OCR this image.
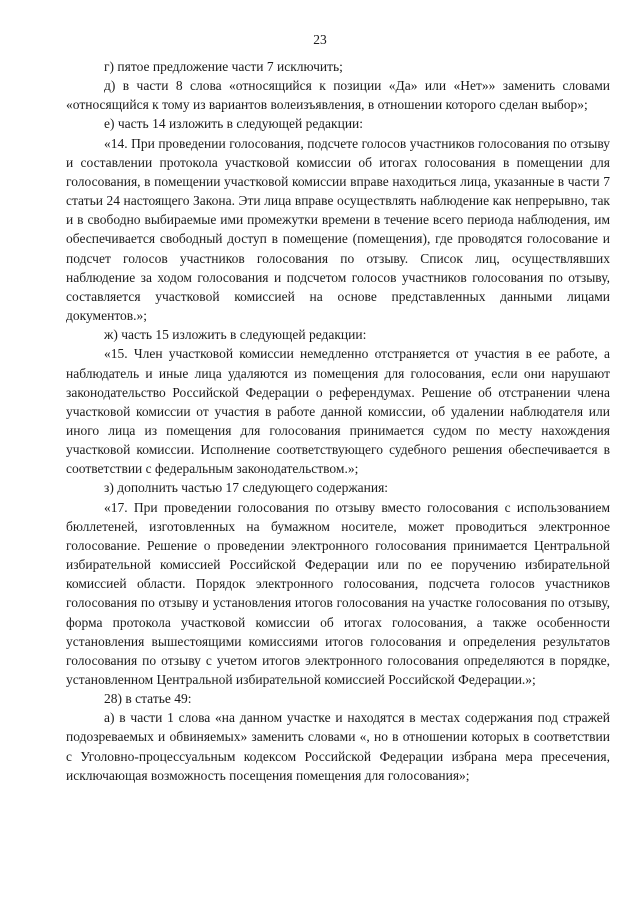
23

г) пятое предложение части 7 исключить;

д) в части 8 слова «относящийся к позиции «Да» или «Нет»» заменить словами «относящийся к тому из вариантов волеизъявления, в отношении которого сделан выбор»;

е) часть 14 изложить в следующей редакции:

«14. При проведении голосования, подсчете голосов участников голосования по отзыву и составлении протокола участковой комиссии об итогах голосования в помещении для голосования, в помещении участковой комиссии вправе находиться лица, указанные в части 7 статьи 24 настоящего Закона. Эти лица вправе осуществлять наблюдение как непрерывно, так и в свободно выбираемые ими промежутки времени в течение всего периода наблюдения, им обеспечивается свободный доступ в помещение (помещения), где проводятся голосование и подсчет голосов участников голосования по отзыву. Список лиц, осуществлявших наблюдение за ходом голосования и подсчетом голосов участников голосования по отзыву, составляется участковой комиссией на основе представленных данными лицами документов.»;

ж) часть 15 изложить в следующей редакции:

«15. Член участковой комиссии немедленно отстраняется от участия в ее работе, а наблюдатель и иные лица удаляются из помещения для голосования, если они нарушают законодательство Российской Федерации о референдумах. Решение об отстранении члена участковой комиссии от участия в работе данной комиссии, об удалении наблюдателя или иного лица из помещения для голосования принимается судом по месту нахождения участковой комиссии. Исполнение соответствующего судебного решения обеспечивается в соответствии с федеральным законодательством.»;

з) дополнить частью 17 следующего содержания:

«17. При проведении голосования по отзыву вместо голосования с использованием бюллетеней, изготовленных на бумажном носителе, может проводиться электронное голосование. Решение о проведении электронного голосования принимается Центральной избирательной комиссией Российской Федерации или по ее поручению избирательной комиссией области. Порядок электронного голосования, подсчета голосов участников голосования по отзыву и установления итогов голосования на участке голосования по отзыву, форма протокола участковой комиссии об итогах голосования, а также особенности установления вышестоящими комиссиями итогов голосования и определения результатов голосования по отзыву с учетом итогов электронного голосования определяются в порядке, установленном Центральной избирательной комиссией Российской Федерации.»;

28) в статье 49:

а) в части 1 слова «на данном участке и находятся в местах содержания под стражей подозреваемых и обвиняемых» заменить словами «, но в отношении которых в соответствии с Уголовно-процессуальным кодексом Российской Федерации избрана мера пресечения, исключающая возможность посещения помещения для голосования»;
